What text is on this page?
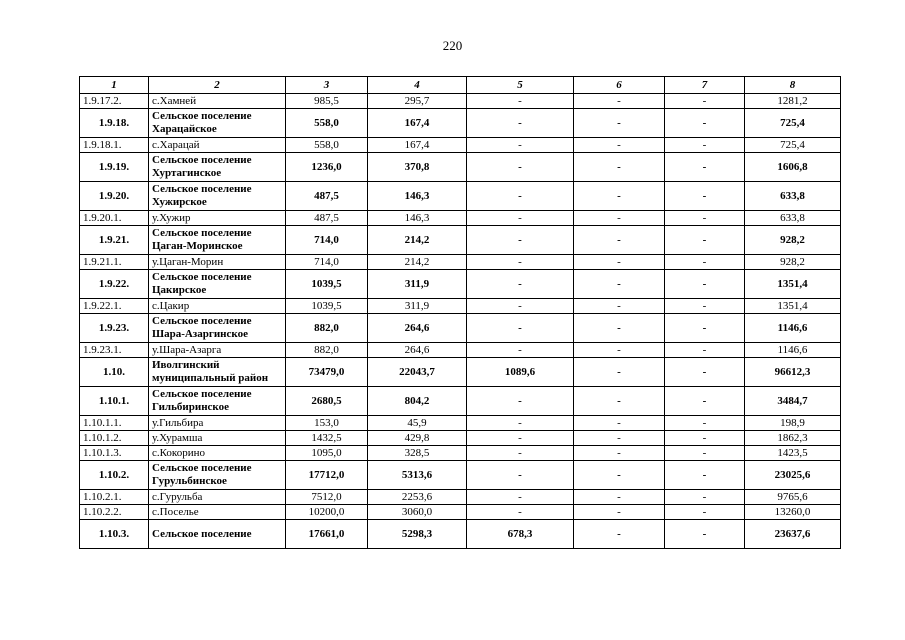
220
1	2	3	4	5	6	7	8
1.9.17.2.	с.Хамней	985,5	295,7	-	-	-	1281,2
1.9.18.	Сельское поселение Харацайское	558,0	167,4	-	-	-	725,4
1.9.18.1.	с.Харацай	558,0	167,4	-	-	-	725,4
1.9.19.	Сельское поселение Хуртагинское	1236,0	370,8	-	-	-	1606,8
1.9.20.	Сельское поселение Хужирское	487,5	146,3	-	-	-	633,8
1.9.20.1.	у.Хужир	487,5	146,3	-	-	-	633,8
1.9.21.	Сельское поселение Цаган-Моринское	714,0	214,2	-	-	-	928,2
1.9.21.1.	у.Цаган-Морин	714,0	214,2	-	-	-	928,2
1.9.22.	Сельское поселение Цакирское	1039,5	311,9	-	-	-	1351,4
1.9.22.1.	с.Цакир	1039,5	311,9	-	-	-	1351,4
1.9.23.	Сельское поселение Шара-Азаргинское	882,0	264,6	-	-	-	1146,6
1.9.23.1.	у.Шара-Азарга	882,0	264,6	-	-	-	1146,6
1.10.	Иволгинский муниципальный район	73479,0	22043,7	1089,6	-	-	96612,3
1.10.1.	Сельское поселение Гильбиринское	2680,5	804,2	-	-	-	3484,7
1.10.1.1.	у.Гильбира	153,0	45,9	-	-	-	198,9
1.10.1.2.	у.Хурамша	1432,5	429,8	-	-	-	1862,3
1.10.1.3.	с.Кокорино	1095,0	328,5	-	-	-	1423,5
1.10.2.	Сельское поселение Гурульбинское	17712,0	5313,6	-	-	-	23025,6
1.10.2.1.	с.Гурульба	7512,0	2253,6	-	-	-	9765,6
1.10.2.2.	с.Поселье	10200,0	3060,0	-	-	-	13260,0
1.10.3.	Сельское поселение	17661,0	5298,3	678,3	-	-	23637,6
